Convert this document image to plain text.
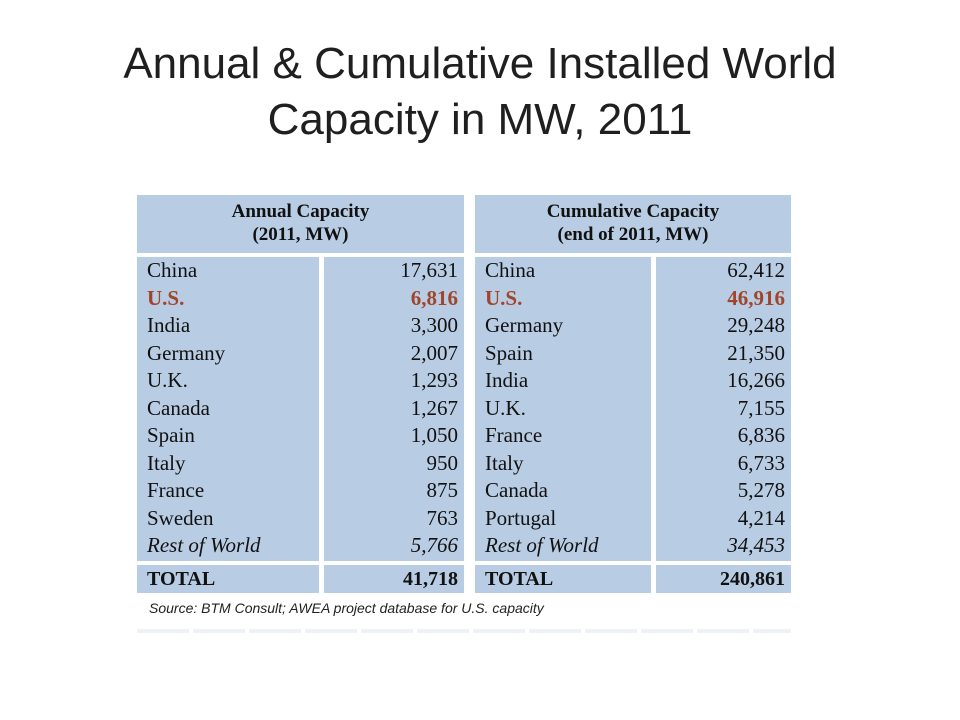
Annual & Cumulative Installed World
Capacity in MW, 2011
Annual Capacity
(2011, MW)
China
U.S.
India
Germany
U.K.
Canada
Spain
Italy
France
Sweden
Rest of World
17,631
6,816
3,300
2,007
1,293
1,267
1,050
950
875
763
5,766
TOTAL	41,718
Cumulative Capacity
(end of 2011, MW)
China
U.S.
Germany
Spain
India
U.K.
France
Italy
Canada
Portugal
Rest of World
62,412
46,916
29,248
21,350
16,266
7,155
6,836
6,733
5,278
4,214
34,453
TOTAL	240,861
Source: BTM Consult; AWEA project database for U.S. capacity
